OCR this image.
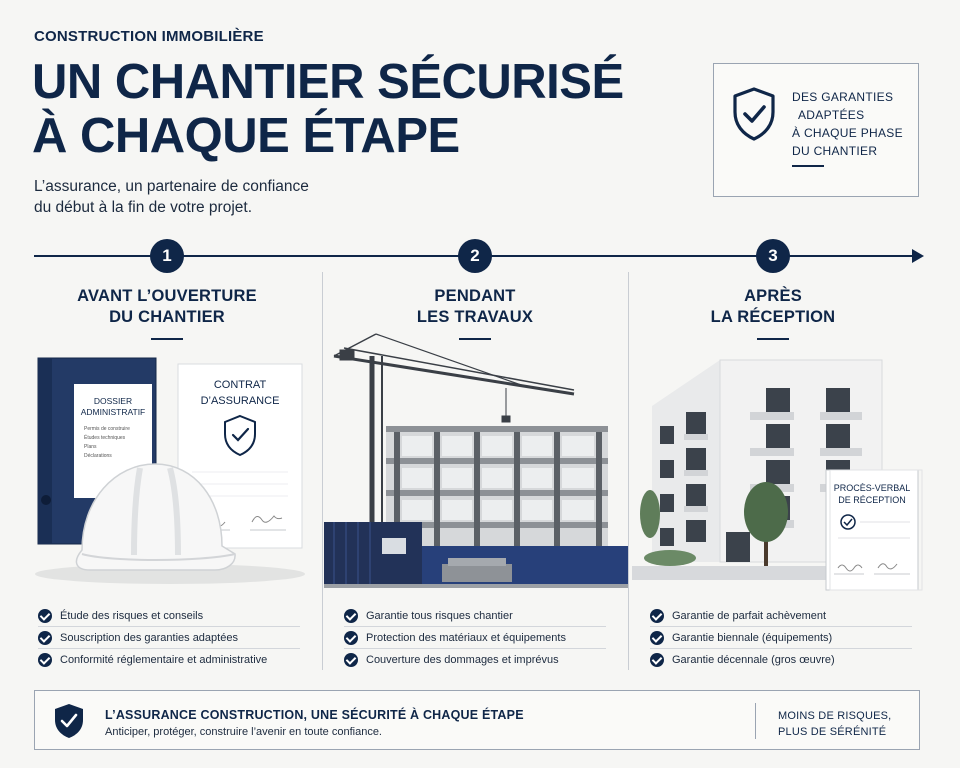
CONSTRUCTION IMMOBILIÈRE
UN CHANTIER SÉCURISÉ
À CHAQUE ÉTAPE
L’assurance, un partenaire de confiance
du début à la fin de votre projet.
DES GARANTIES
ADAPTÉES
À CHAQUE PHASE
DU CHANTIER
1	2	3
AVANT L’OUVERTURE
DU CHANTIER
PENDANT
LES TRAVAUX
APRÈS
LA RÉCEPTION
CONTRAT
D’ASSURANCE
DOSSIER
ADMINISTRATIF
Permis de construire
Études techniques
Plans
Déclarations
PROCÈS-VERBAL
DE RÉCEPTION
Étude des risques et conseils
Souscription des garanties adaptées
Conformité réglementaire et administrative
Garantie tous risques chantier
Protection des matériaux et équipements
Couverture des dommages et imprévus
Garantie de parfait achèvement
Garantie biennale (équipements)
Garantie décennale (gros œuvre)
L’ASSURANCE CONSTRUCTION, UNE SÉCURITÉ À CHAQUE ÉTAPE
Anticiper, protéger, construire l’avenir en toute confiance.
MOINS DE RISQUES,
PLUS DE SÉRÉNITÉ
